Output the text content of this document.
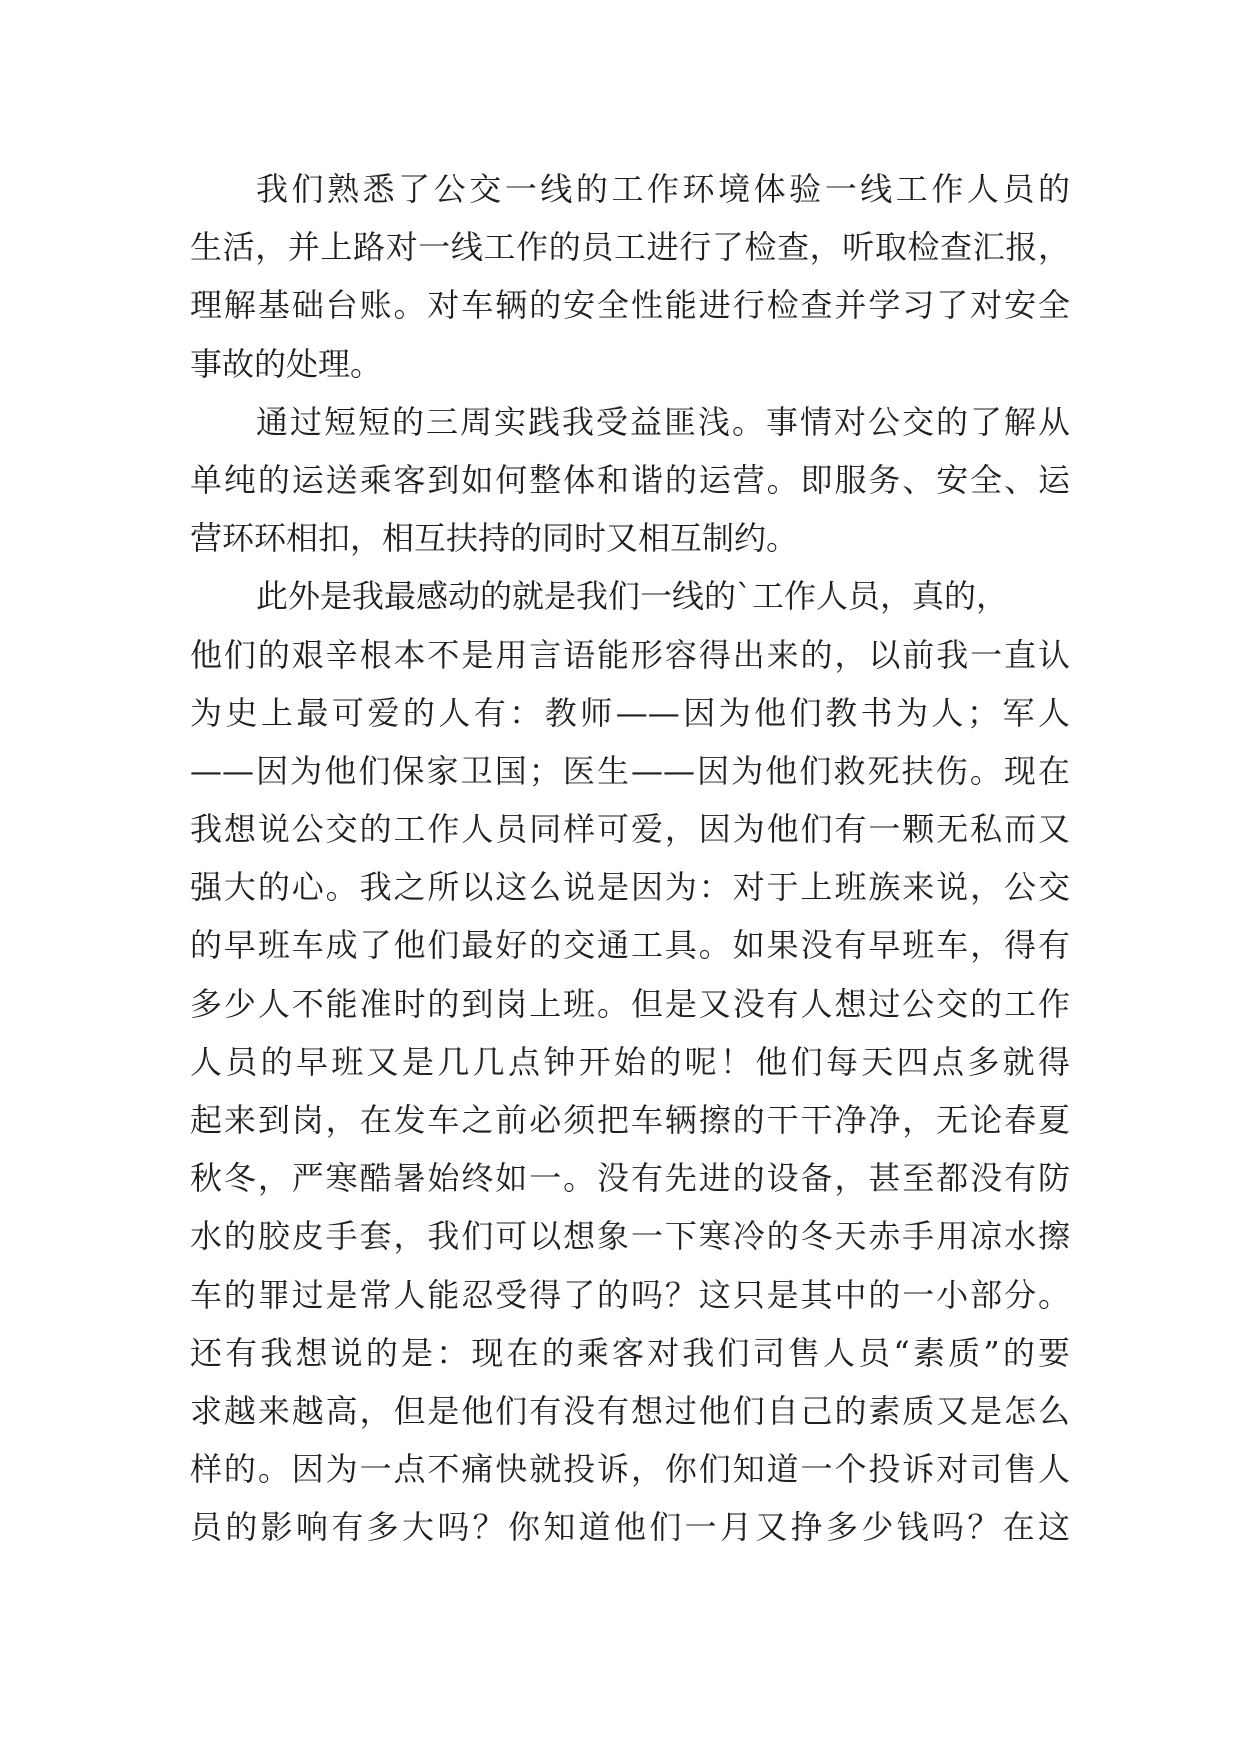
我们熟悉了公交一线的工作环境体验一线工作人员的
生活，并上路对一线工作的员工进行了检查，听取检查汇报，
理解基础台账。对车辆的安全性能进行检查并学习了对安全
事故的处理。
通过短短的三周实践我受益匪浅。事情对公交的了解从
单纯的运送乘客到如何整体和谐的运营。即服务、安全、运
营环环相扣，相互扶持的同时又相互制约。
此外是我最感动的就是我们一线的`工作人员，真的，
他们的艰辛根本不是用言语能形容得出来的，以前我一直认
为史上最可爱的人有：教师——因为他们教书为人；军人
——因为他们保家卫国；医生——因为他们救死扶伤。现在
我想说公交的工作人员同样可爱，因为他们有一颗无私而又
强大的心。我之所以这么说是因为：对于上班族来说，公交
的早班车成了他们最好的交通工具。如果没有早班车，得有
多少人不能准时的到岗上班。但是又没有人想过公交的工作
人员的早班又是几几点钟开始的呢！他们每天四点多就得
起来到岗，在发车之前必须把车辆擦的干干净净，无论春夏
秋冬，严寒酷暑始终如一。没有先进的设备，甚至都没有防
水的胶皮手套，我们可以想象一下寒冷的冬天赤手用凉水擦
车的罪过是常人能忍受得了的吗？这只是其中的一小部分。
还有我想说的是：现在的乘客对我们司售人员“素质”的要
求越来越高，但是他们有没有想过他们自己的素质又是怎么
样的。因为一点不痛快就投诉，你们知道一个投诉对司售人
员的影响有多大吗？你知道他们一月又挣多少钱吗？在这
